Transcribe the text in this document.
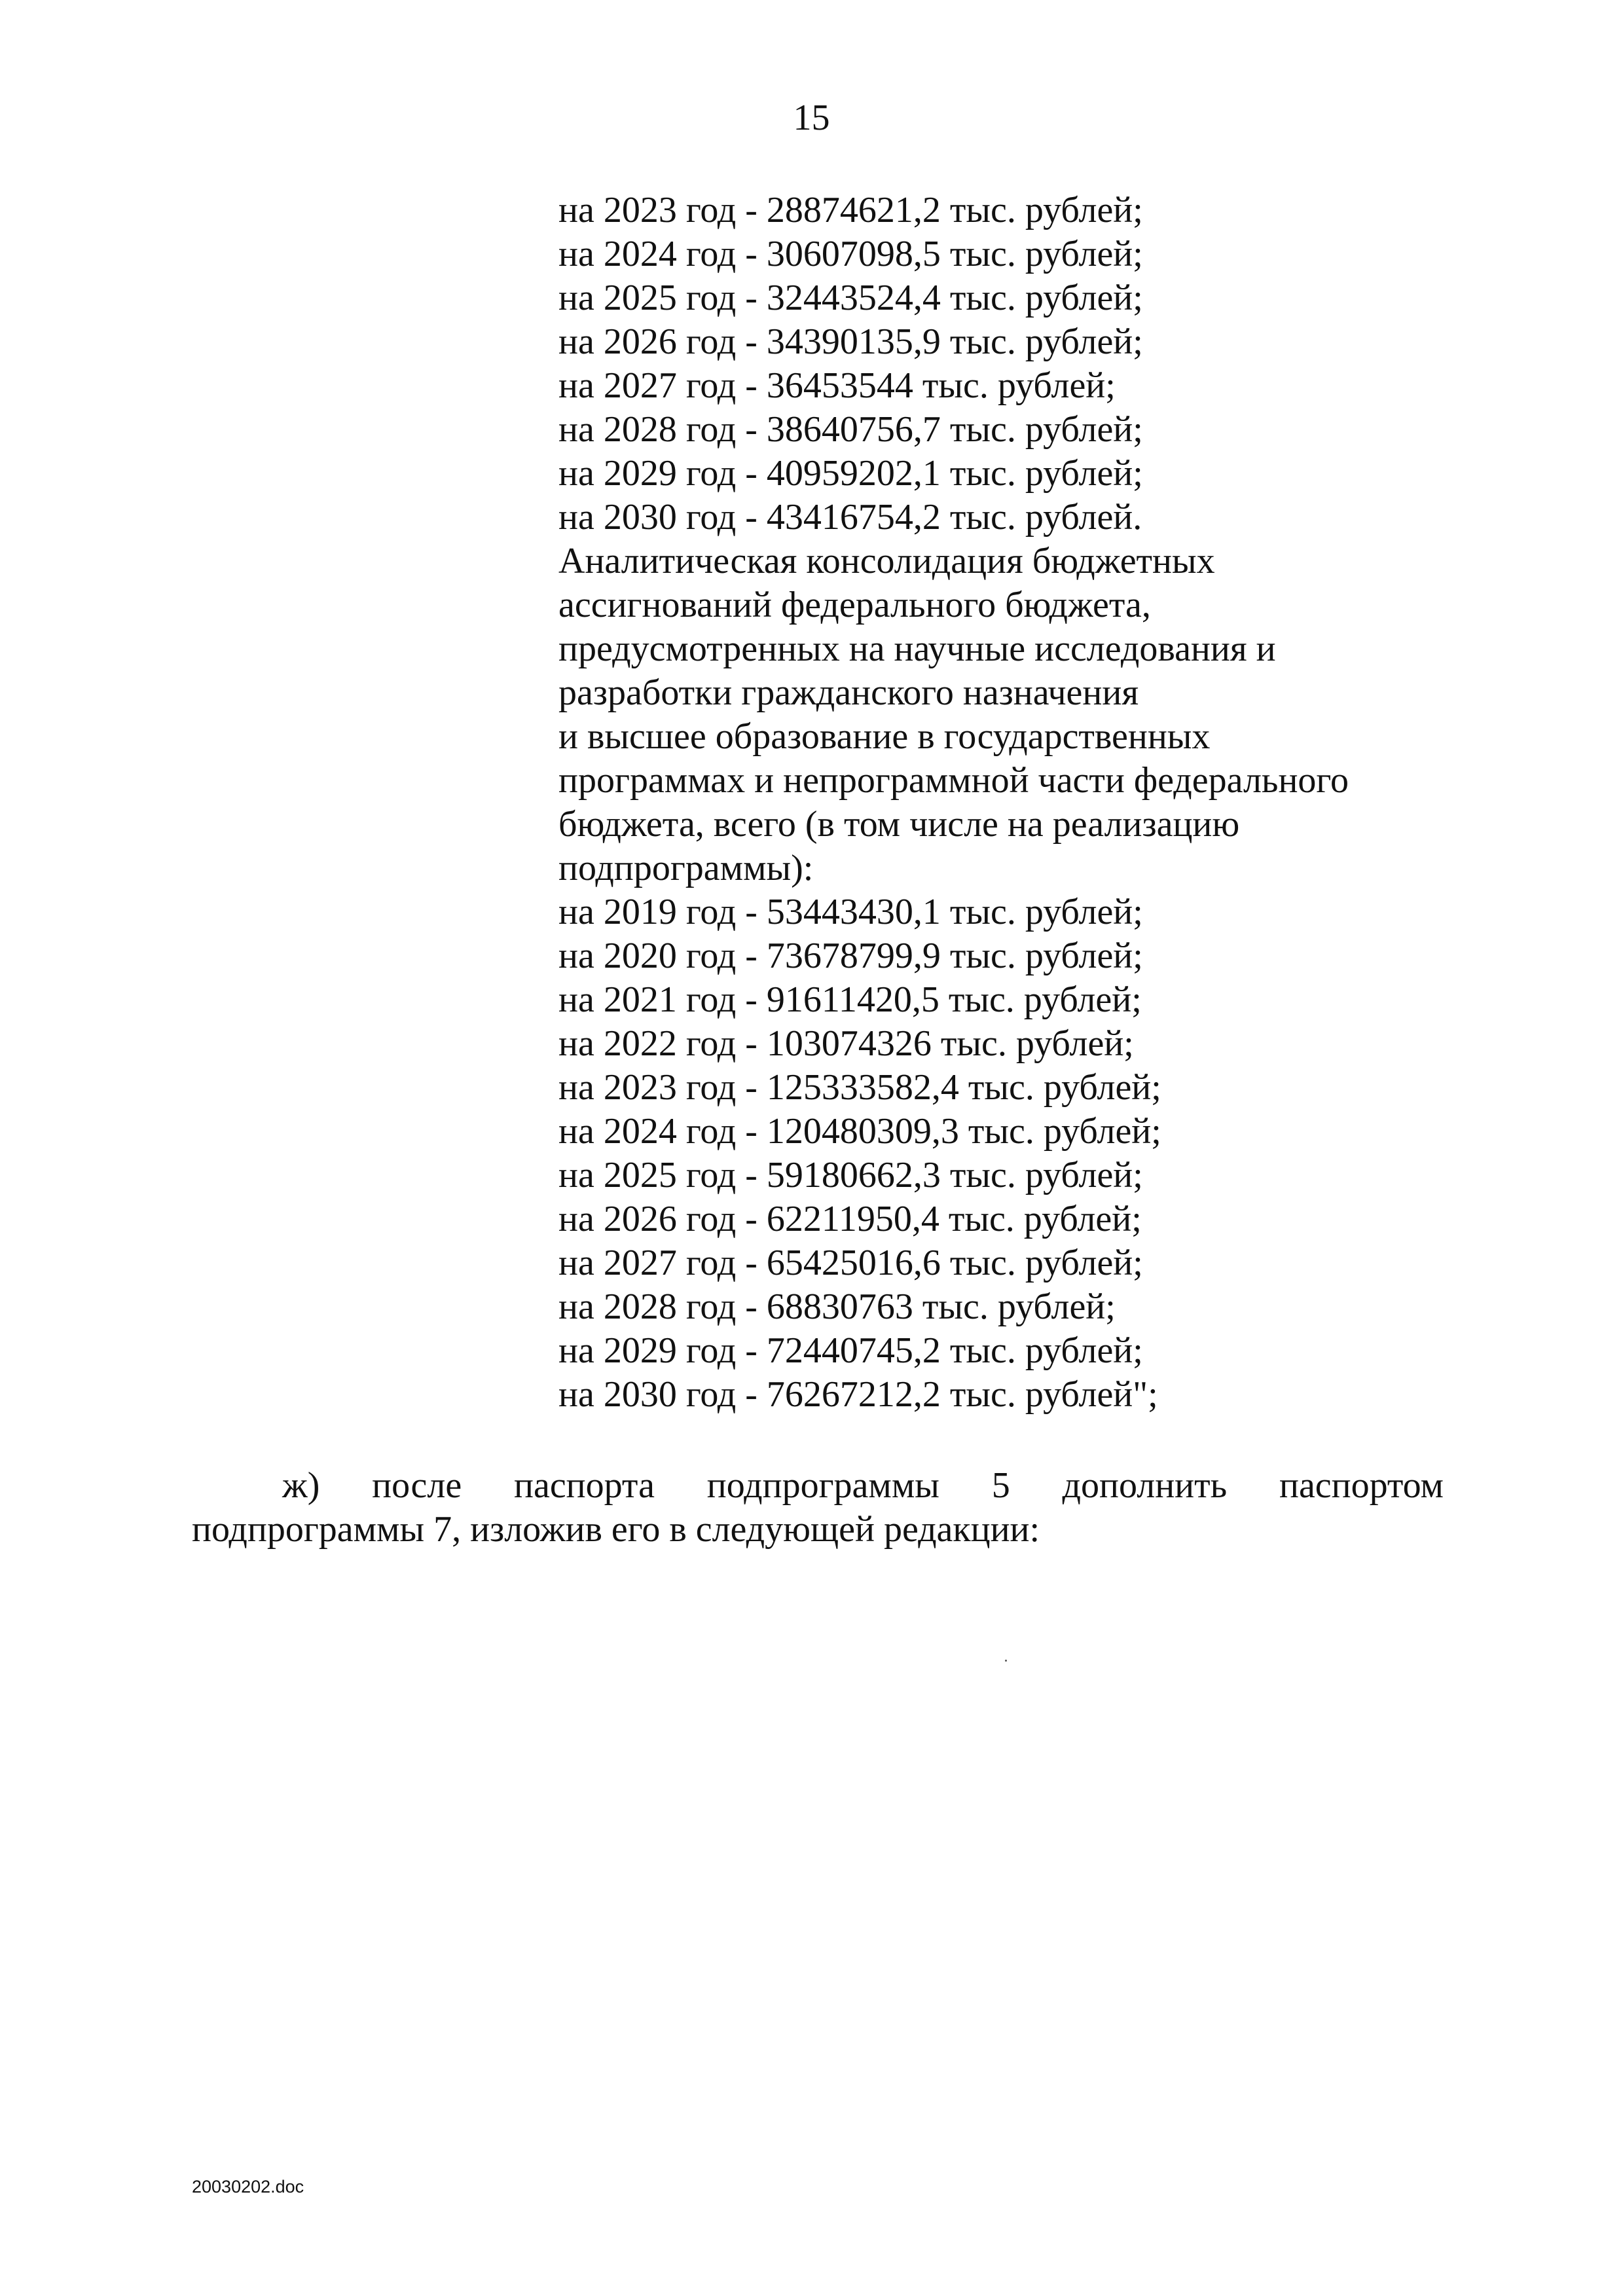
15
на 2023 год - 28874621,2 тыс. рублей;
на 2024 год - 30607098,5 тыс. рублей;
на 2025 год - 32443524,4 тыс. рублей;
на 2026 год - 34390135,9 тыс. рублей;
на 2027 год - 36453544 тыс. рублей;
на 2028 год - 38640756,7 тыс. рублей;
на 2029 год - 40959202,1 тыс. рублей;
на 2030 год - 43416754,2 тыс. рублей.
Аналитическая консолидация бюджетных
ассигнований федерального бюджета,
предусмотренных на научные исследования и
разработки гражданского назначения
и высшее образование в государственных
программах и непрограммной части федерального
бюджета, всего (в том числе на реализацию
подпрограммы):
на 2019 год - 53443430,1 тыс. рублей;
на 2020 год - 73678799,9 тыс. рублей;
на 2021 год - 91611420,5 тыс. рублей;
на 2022 год - 103074326 тыс. рублей;
на 2023 год - 125333582,4 тыс. рублей;
на 2024 год - 120480309,3 тыс. рублей;
на 2025 год - 59180662,3 тыс. рублей;
на 2026 год - 62211950,4 тыс. рублей;
на 2027 год - 65425016,6 тыс. рублей;
на 2028 год - 68830763 тыс. рублей;
на 2029 год - 72440745,2 тыс. рублей;
на 2030 год - 76267212,2 тыс. рублей";
ж) после паспорта подпрограммы 5 дополнить паспортом
подпрограммы 7, изложив его в следующей редакции:
20030202.doc
